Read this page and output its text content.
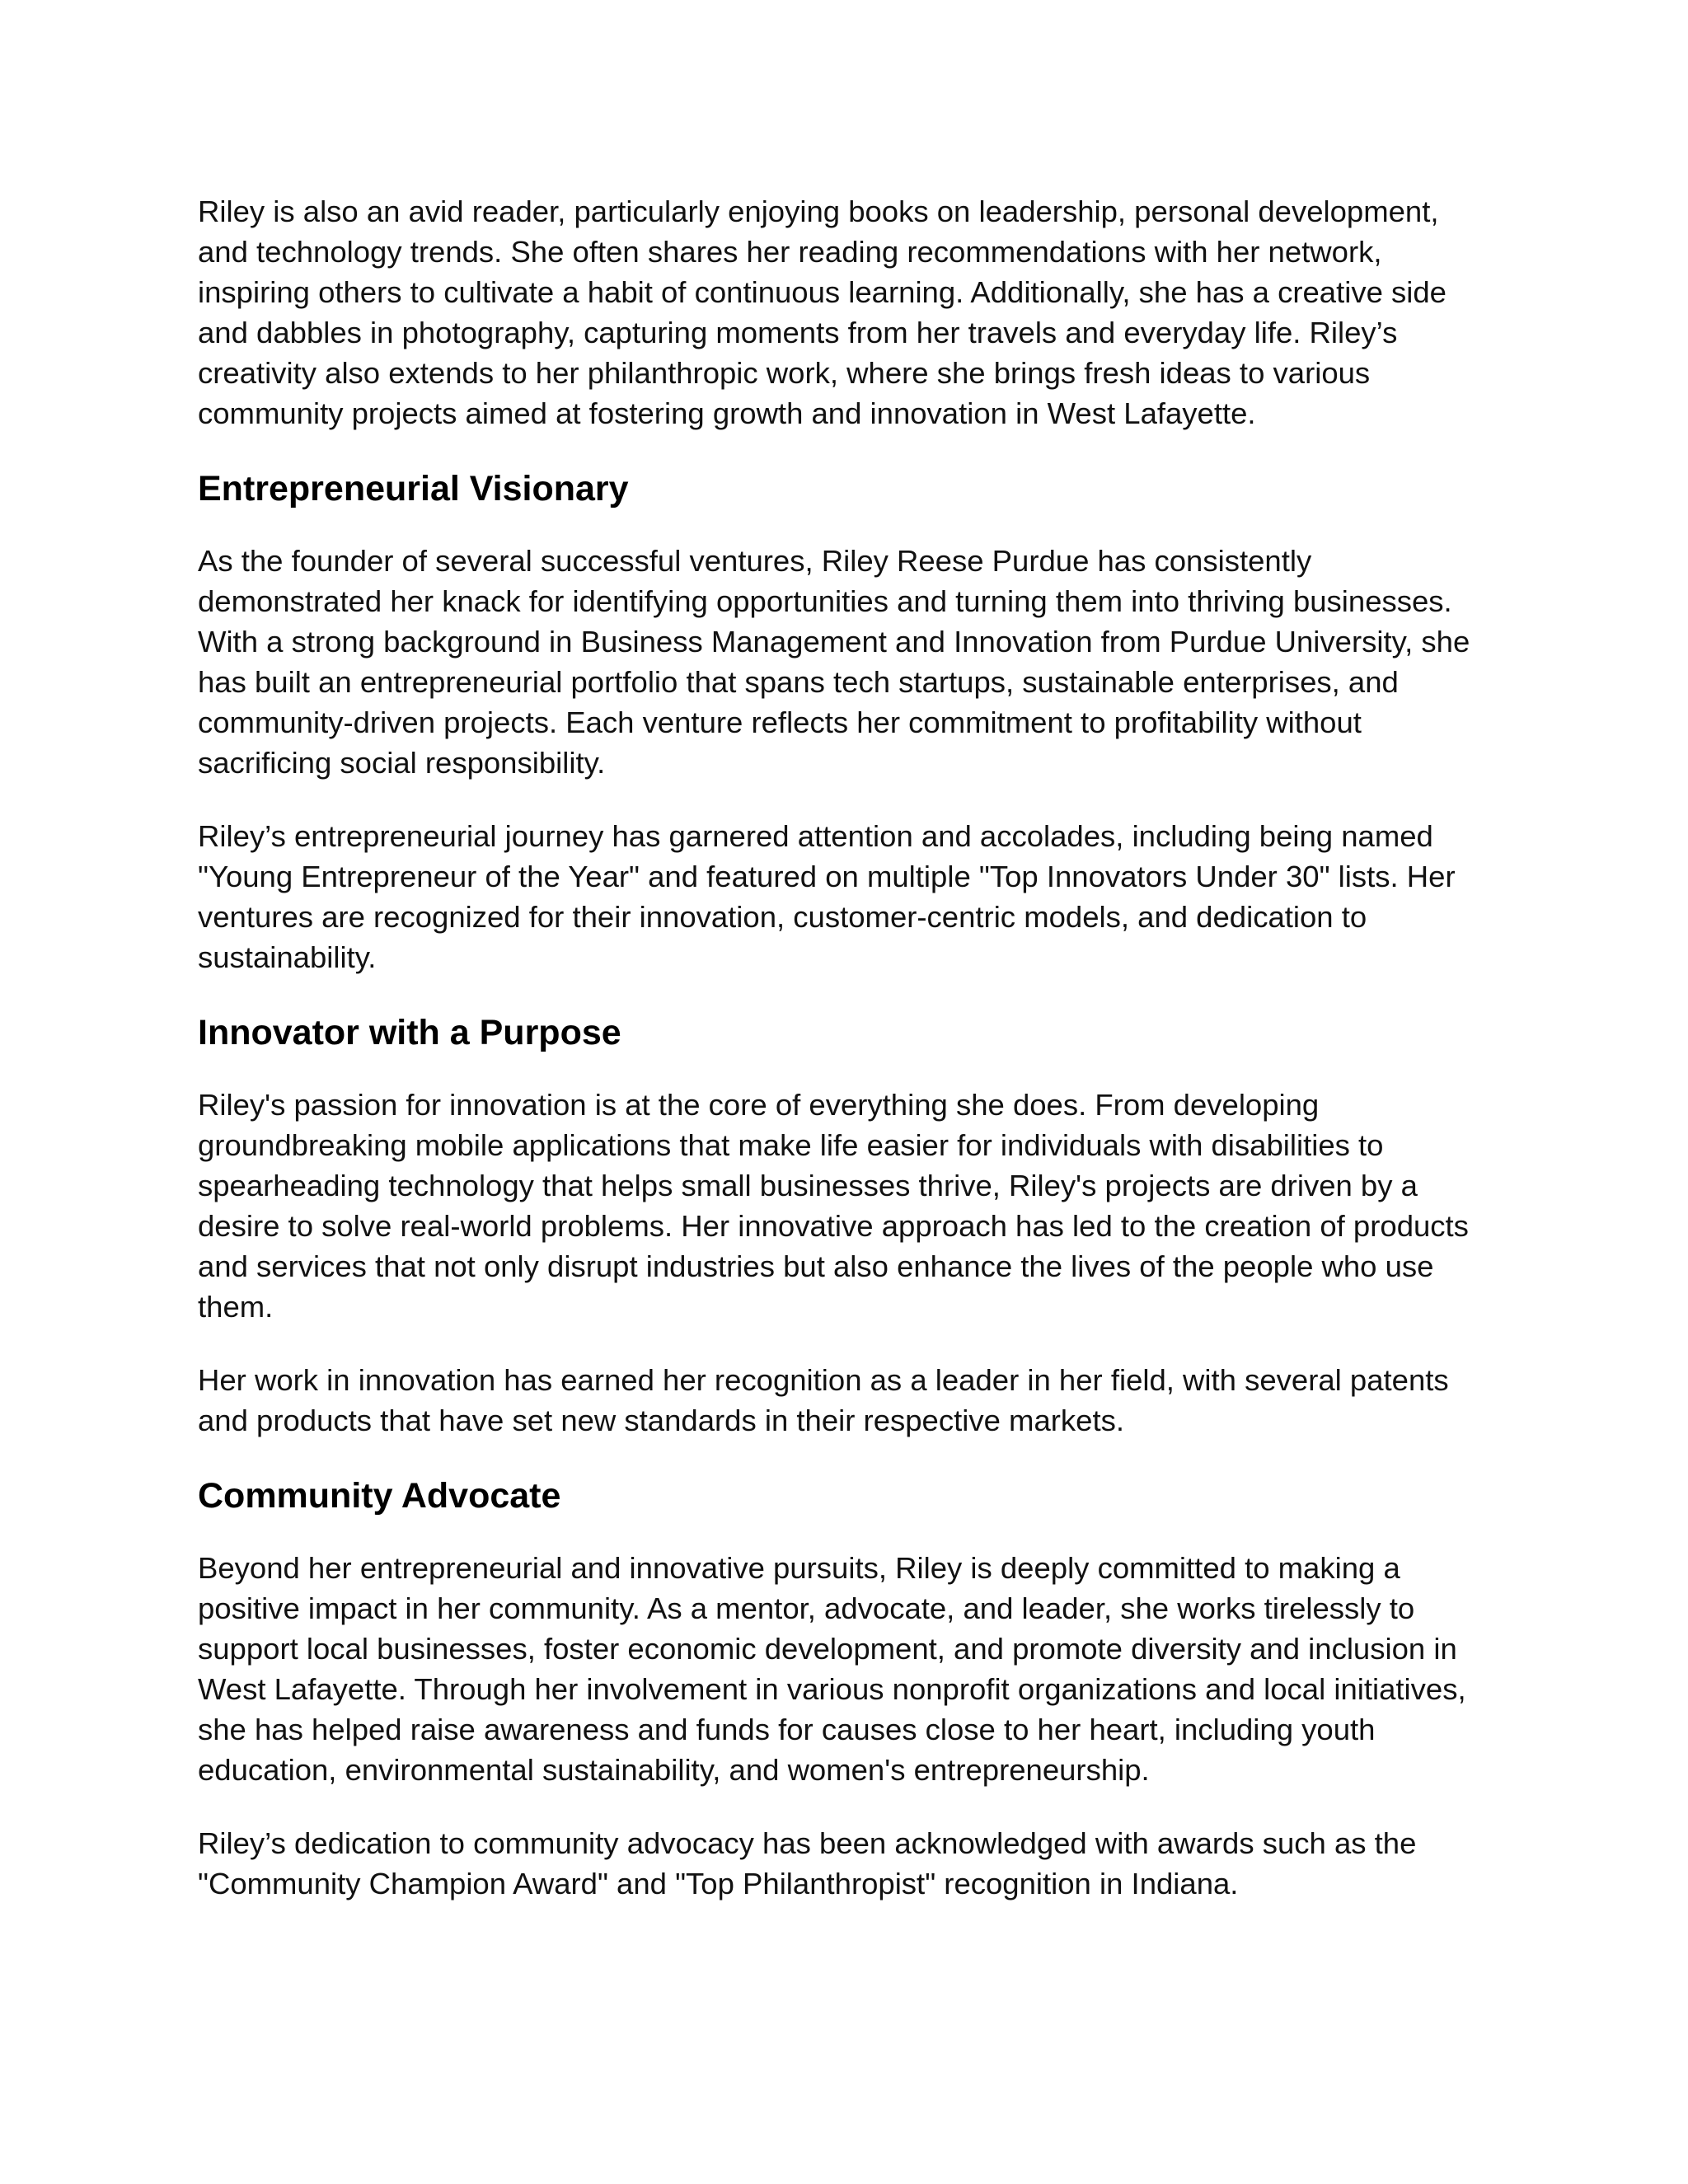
Riley is also an avid reader, particularly enjoying books on leadership, personal development, and technology trends. She often shares her reading recommendations with her network, inspiring others to cultivate a habit of continuous learning. Additionally, she has a creative side and dabbles in photography, capturing moments from her travels and everyday life. Riley’s creativity also extends to her philanthropic work, where she brings fresh ideas to various community projects aimed at fostering growth and innovation in West Lafayette.

Entrepreneurial Visionary

As the founder of several successful ventures, Riley Reese Purdue has consistently demonstrated her knack for identifying opportunities and turning them into thriving businesses. With a strong background in Business Management and Innovation from Purdue University, she has built an entrepreneurial portfolio that spans tech startups, sustainable enterprises, and community-driven projects. Each venture reflects her commitment to profitability without sacrificing social responsibility.

Riley’s entrepreneurial journey has garnered attention and accolades, including being named "Young Entrepreneur of the Year" and featured on multiple "Top Innovators Under 30" lists. Her ventures are recognized for their innovation, customer-centric models, and dedication to sustainability.

Innovator with a Purpose

Riley's passion for innovation is at the core of everything she does. From developing groundbreaking mobile applications that make life easier for individuals with disabilities to spearheading technology that helps small businesses thrive, Riley's projects are driven by a desire to solve real-world problems. Her innovative approach has led to the creation of products and services that not only disrupt industries but also enhance the lives of the people who use them.

Her work in innovation has earned her recognition as a leader in her field, with several patents and products that have set new standards in their respective markets.

Community Advocate

Beyond her entrepreneurial and innovative pursuits, Riley is deeply committed to making a positive impact in her community. As a mentor, advocate, and leader, she works tirelessly to support local businesses, foster economic development, and promote diversity and inclusion in West Lafayette. Through her involvement in various nonprofit organizations and local initiatives, she has helped raise awareness and funds for causes close to her heart, including youth education, environmental sustainability, and women's entrepreneurship.

Riley’s dedication to community advocacy has been acknowledged with awards such as the "Community Champion Award" and "Top Philanthropist" recognition in Indiana.
